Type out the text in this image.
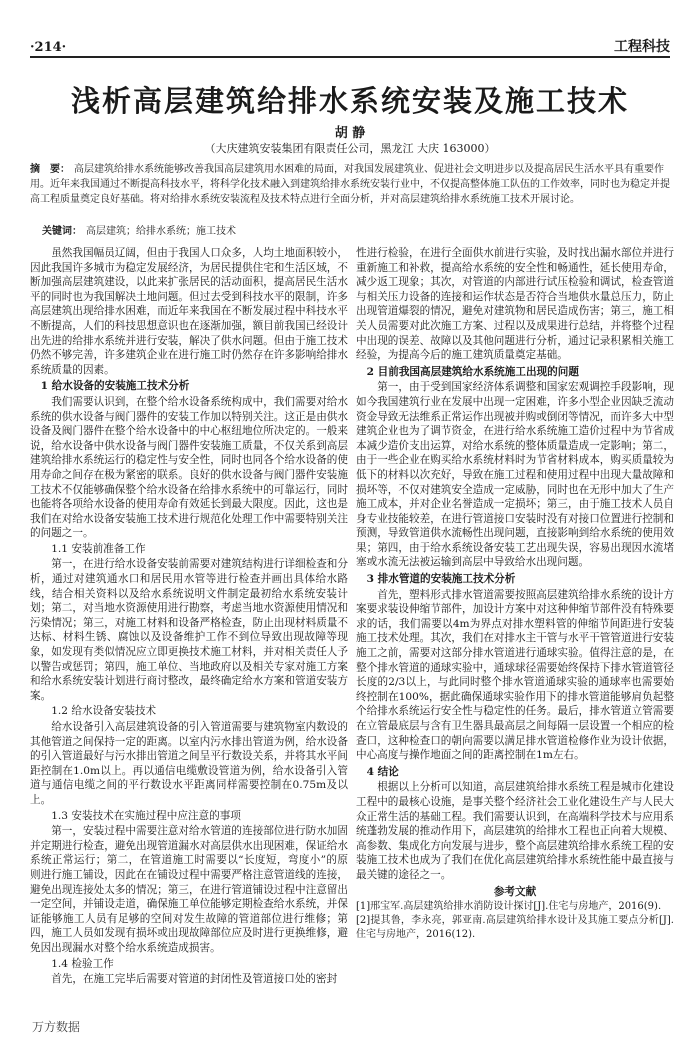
·214·	工程科技
浅析高层建筑给排水系统安装及施工技术
胡 静
（大庆建筑安装集团有限责任公司，黑龙江 大庆 163000）
摘　要： 高层建筑给排水系统能够改善我国高层建筑用水困难的局面，对我国发展建筑业、促进社会文明进步以及提高居民生活水平具有重要作用。近年来我国通过不断提高科技水平，将科学化技术融入到建筑给排水系统安装行业中，不仅提高整体施工队伍的工作效率，同时也为稳定并提高工程质量奠定良好基础。将对给排水系统安装流程及技术特点进行全面分析，并对高层建筑给排水系统施工技术开展讨论。
关键词： 高层建筑；给排水系统；施工技术

虽然我国幅员辽阔，但由于我国人口众多，人均土地面积较小，因此我国许多城市为稳定发展经济，为居民提供住宅和生活区域，不断加强高层建筑建设，以此来扩张居民的活动面积，提高居民生活水平的同时也为我国解决土地问题。但过去受到科技水平的限制，许多高层建筑出现给排水困难，而近年来我国在不断发展过程中科技水平不断提高，人们的科技思想意识也在逐渐加强，额目前我国已经设计出先进的给排水系统并进行安装，解决了供水问题。但由于施工技术仍然不够完善，许多建筑企业在进行施工时仍然存在许多影响给排水系统质量的因素。

1 给水设备的安装施工技术分析

我们需要认识到，在整个给水设备系统构成中，我们需要对给水系统的供水设备与阀门器件的安装工作加以特别关注。这正是由供水设备及阀门器件在整个给水设备中的中心枢纽地位所决定的。一般来说，给水设备中供水设备与阀门器件安装施工质量，不仅关系到高层建筑给排水系统运行的稳定性与安全性，同时也同各个给水设备的使用寿命之间存在极为紧密的联系。良好的供水设备与阀门器件安装施工技术不仅能够确保整个给水设备在给排水系统中的可靠运行，同时也能将各项给水设备的使用寿命有效延长到最大限度。因此，这也是我们在对给水设备安装施工技术进行规范化处理工作中需要特别关注的问题之一。

1.1 安装前准备工作

第一，在进行给水设备安装前需要对建筑结构进行详细检查和分析，通过对建筑通水口和居民用水管等进行检查并画出具体给水路线，结合相关资料以及给水系统说明文件制定最初给水系统安装计划；第二，对当地水资源使用进行勘察，考虑当地水资源使用情况和污染情况；第三，对施工材料和设备严格检查，防止出现材料质量不达标、材料生锈、腐蚀以及设备维护工作不到位导致出现故障等现象，如发现有类似情况应立即更换技术施工材料，并对相关责任人予以警告或惩罚；第四，施工单位、当地政府以及相关专家对施工方案和给水系统安装计划进行商讨整改，最终确定给水方案和管道安装方案。

1.2 给水设备安装技术

给水设备引入高层建筑设备的引入管道需要与建筑物室内数设的其他管道之间保持一定的距离。以室内污水排出管道为例，给水设备的引入管道最好与污水排出管道之间呈平行数设关系，并将其水平间距控制在1.0m以上。再以通信电缆敷设管道为例，给水设备引入管道与通信电缆之间的平行数设水平距离同样需要控制在0.75m及以上。

1.3 安装技术在实施过程中应注意的事项

第一，安装过程中需要注意对给水管道的连接部位进行防水加固并定期进行检查，避免出现管道漏水对高层供水出现困难，保证给水系统正常运行；第二，在管道施工时需要以“长度短，弯度小”的原则进行施工铺设，因此在在铺设过程中需要严格注意管道线的连接，避免出现连接处太多的情况；第三，在进行管道铺设过程中注意留出一定空间，并铺设走道，确保施工单位能够定期检查给水系统，并保证能够施工人员有足够的空间对发生故障的管道部位进行维修；第四，施工人员如发现有损坏或出现故障部位应及时进行更换维修，避免因出现漏水对整个给水系统造成损害。

1.4 检验工作

首先，在施工完毕后需要对管道的封闭性及管道接口处的密封

性进行检验，在进行全面供水前进行实验，及时找出漏水部位并进行重新施工和补救，提高给水系统的安全性和畅通性，延长使用寿命，减少返工现象；其次，对管道的内部进行试压检验和调试，检查管道与相关压力设备的连接和运作状态是否符合当地供水量总压力，防止出现管道爆裂的情况，避免对建筑物和居民造成伤害；第三，施工相关人员需要对此次施工方案、过程以及成果进行总结，并将整个过程中出现的误差、故障以及其他问题进行分析，通过记录积累相关施工经验，为提高今后的施工建筑质量奠定基础。

2 目前我国高层建筑给水系统施工出现的问题

第一，由于受到国家经济体系调整和国家宏观调控手段影响，现如今我国建筑行业在发展中出现一定困难，许多小型企业因缺乏流动资金导致无法维系正常运作出现被并购或倒闭等情况，而许多大中型建筑企业也为了调节资金，在进行给水系统施工造价过程中为节省成本减少造价支出运算，对给水系统的整体质量造成一定影响；第二，由于一些企业在购买给水系统材料时为节省材料成本，购买质量较为低下的材料以次充好，导致在施工过程和使用过程中出现大量故障和损坏等，不仅对建筑安全造成一定威胁，同时也在无形中加大了生产施工成本，并对企业名誉造成一定损坏；第三，由于施工技术人员自身专业技能较差，在进行管道接口安装时没有对接口位置进行控制和预测，导致管道供水流畅性出现问题，直接影响到给水系统的使用效果；第四，由于给水系统设备安装工艺出现失误，容易出现因水流堵塞或水流无法被运输到高层中导致给水出现问题。

3 排水管道的安装施工技术分析

首先，塑料形式排水管道需要按照高层建筑给排水系统的设计方案要求装设伸缩节部件，加设计方案中对这种伸缩节部件没有特殊要求的话，我们需要以4m为界点对排水塑料管的伸缩节间距进行安装施工技术处理。其次，我们在对排水主干管与水平干管管道进行安装施工之前，需要对这部分排水管道进行通球实验。值得注意的是，在整个排水管道的通球实验中，通球球径需要始终保持下排水管道管径长度的2/3以上，与此同时整个排水管道通球实验的通球率也需要始终控制在100%，据此确保通球实验作用下的排水管道能够肩负起整个给排水系统运行安全性与稳定性的任务。最后，排水管道立管需要在立管最底层与含有卫生器具最高层之间每隔一层设置一个相应的检查口，这种检查口的朝向需要以满足排水管道检修作业为设计依据，中心高度与操作地面之间的距离控制在1m左右。

4 结论

根据以上分析可以知道，高层建筑给排水系统工程是城市化建设工程中的最核心设施，是事关整个经济社会工业化建设生产与人民大众正常生活的基础工程。我们需要认识到，在高端科学技术与应用系统蓬勃发展的推动作用下，高层建筑的给排水工程也正向着大规模、高参数、集成化方向发展与进步，整个高层建筑给排水系统工程的安装施工技术也成为了我们在优化高层建筑给排水系统性能中最直接与最关键的途径之一。

参考文献

[1]邢宝军.高层建筑给排水消防设计探讨[J].住宅与房地产，2016(9).

[2]提其鲁，李永亮，郭亚南.高层建筑给排水设计及其施工要点分析[J].住宅与房地产，2016(12).

万方数据
